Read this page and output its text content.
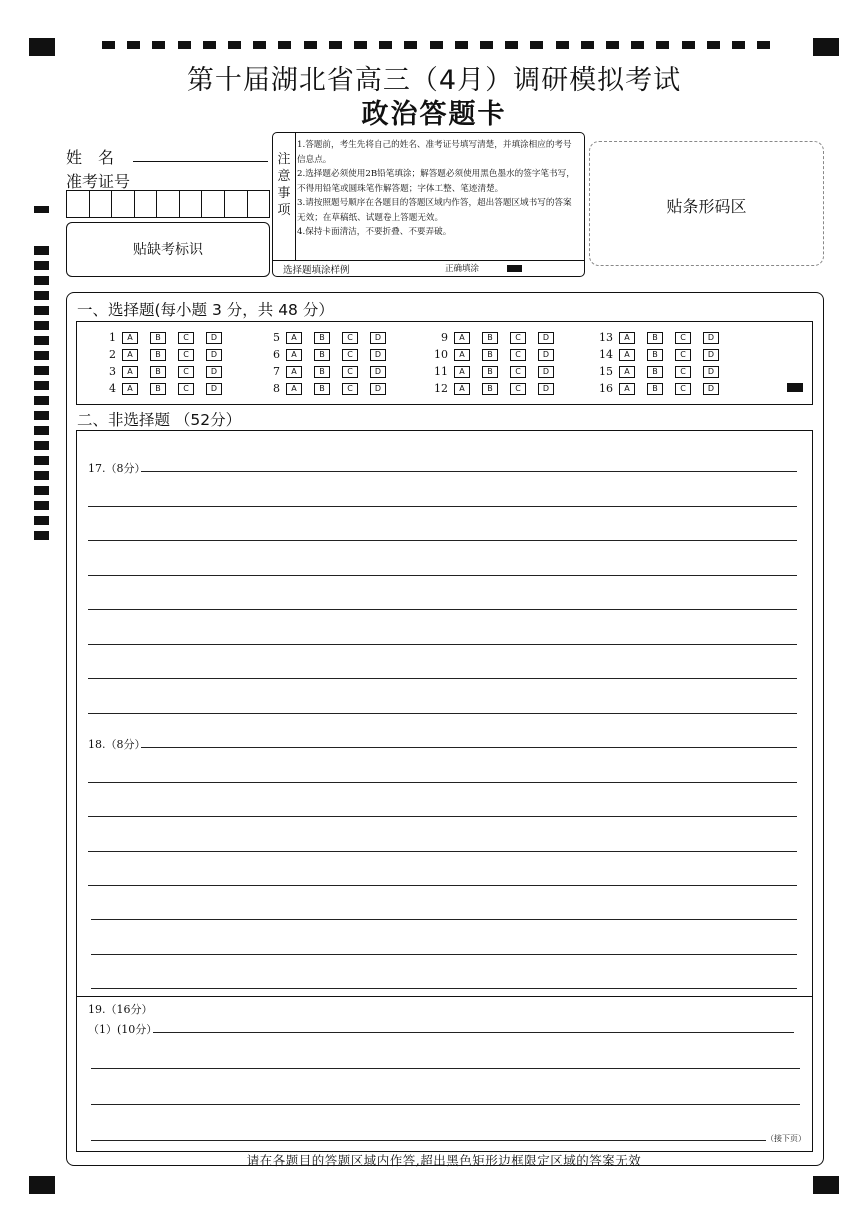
第十届湖北省高三（4月）调研模拟考试
政治答题卡
姓　名
准考证号
贴缺考标识
注
意
事
项

1.答题前，考生先将自己的姓名、准考证号填写清楚，并填涂相应的考号信息点。

2.选择题必须使用2B铅笔填涂；解答题必须使用黑色墨水的签字笔书写，不得用铅笔或圆珠笔作解答题；字体工整、笔迹清楚。

3.请按照题号顺序在各题目的答题区域内作答，超出答题区域书写的答案无效；在草稿纸、试题卷上答题无效。

4.保持卡面清洁，不要折叠、不要弄破。

选择题填涂样例	正确填涂
贴条形码区
一、选择题(每小题 3 分，共 48 分）
1	A	B	C	D
2	A	B	C	D
3	A	B	C	D
4	A	B	C	D
5	A	B	C	D
6	A	B	C	D
7	A	B	C	D
8	A	B	C	D
9	A	B	C	D
10	A	B	C	D
11	A	B	C	D
12	A	B	C	D
13	A	B	C	D
14	A	B	C	D
15	A	B	C	D
16	A	B	C	D
二、非选择题 （52分）
17.（8分）
18.（8分）
19.（16分）
（1）(10分）
（接下页）
请在各题目的答题区域内作答,超出黑色矩形边框限定区域的答案无效
